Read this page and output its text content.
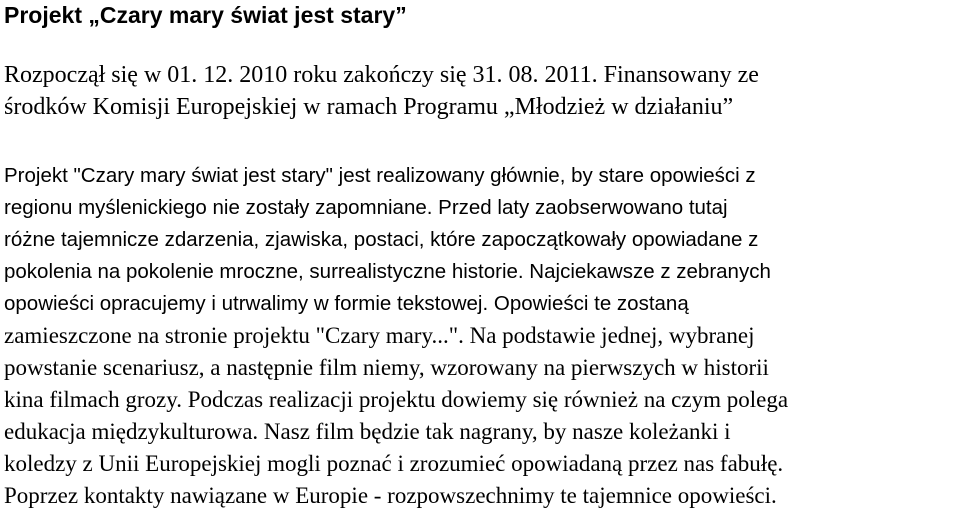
Projekt „Czary mary świat jest stary”
Rozpoczął się w 01. 12. 2010 roku zakończy się 31. 08. 2011. Finansowany ze
środków Komisji Europejskiej w ramach Programu „Młodzież w działaniu”
Projekt "Czary mary świat jest stary" jest realizowany głównie, by stare opowieści z
regionu myślenickiego nie zostały zapomniane. Przed laty zaobserwowano tutaj
różne tajemnicze zdarzenia, zjawiska, postaci, które zapoczątkowały opowiadane z
pokolenia na pokolenie mroczne, surrealistyczne historie. Najciekawsze z zebranych
opowieści opracujemy i utrwalimy w formie tekstowej. Opowieści te zostaną
zamieszczone na stronie projektu "Czary mary...". Na podstawie jednej, wybranej
powstanie scenariusz, a następnie film niemy, wzorowany na pierwszych w historii
kina filmach grozy. Podczas realizacji projektu dowiemy się również na czym polega
edukacja międzykulturowa. Nasz film będzie tak nagrany, by nasze koleżanki i
koledzy z Unii Europejskiej mogli poznać i zrozumieć opowiadaną przez nas fabułę.
Poprzez kontakty nawiązane w Europie - rozpowszechnimy te tajemnice opowieści.
